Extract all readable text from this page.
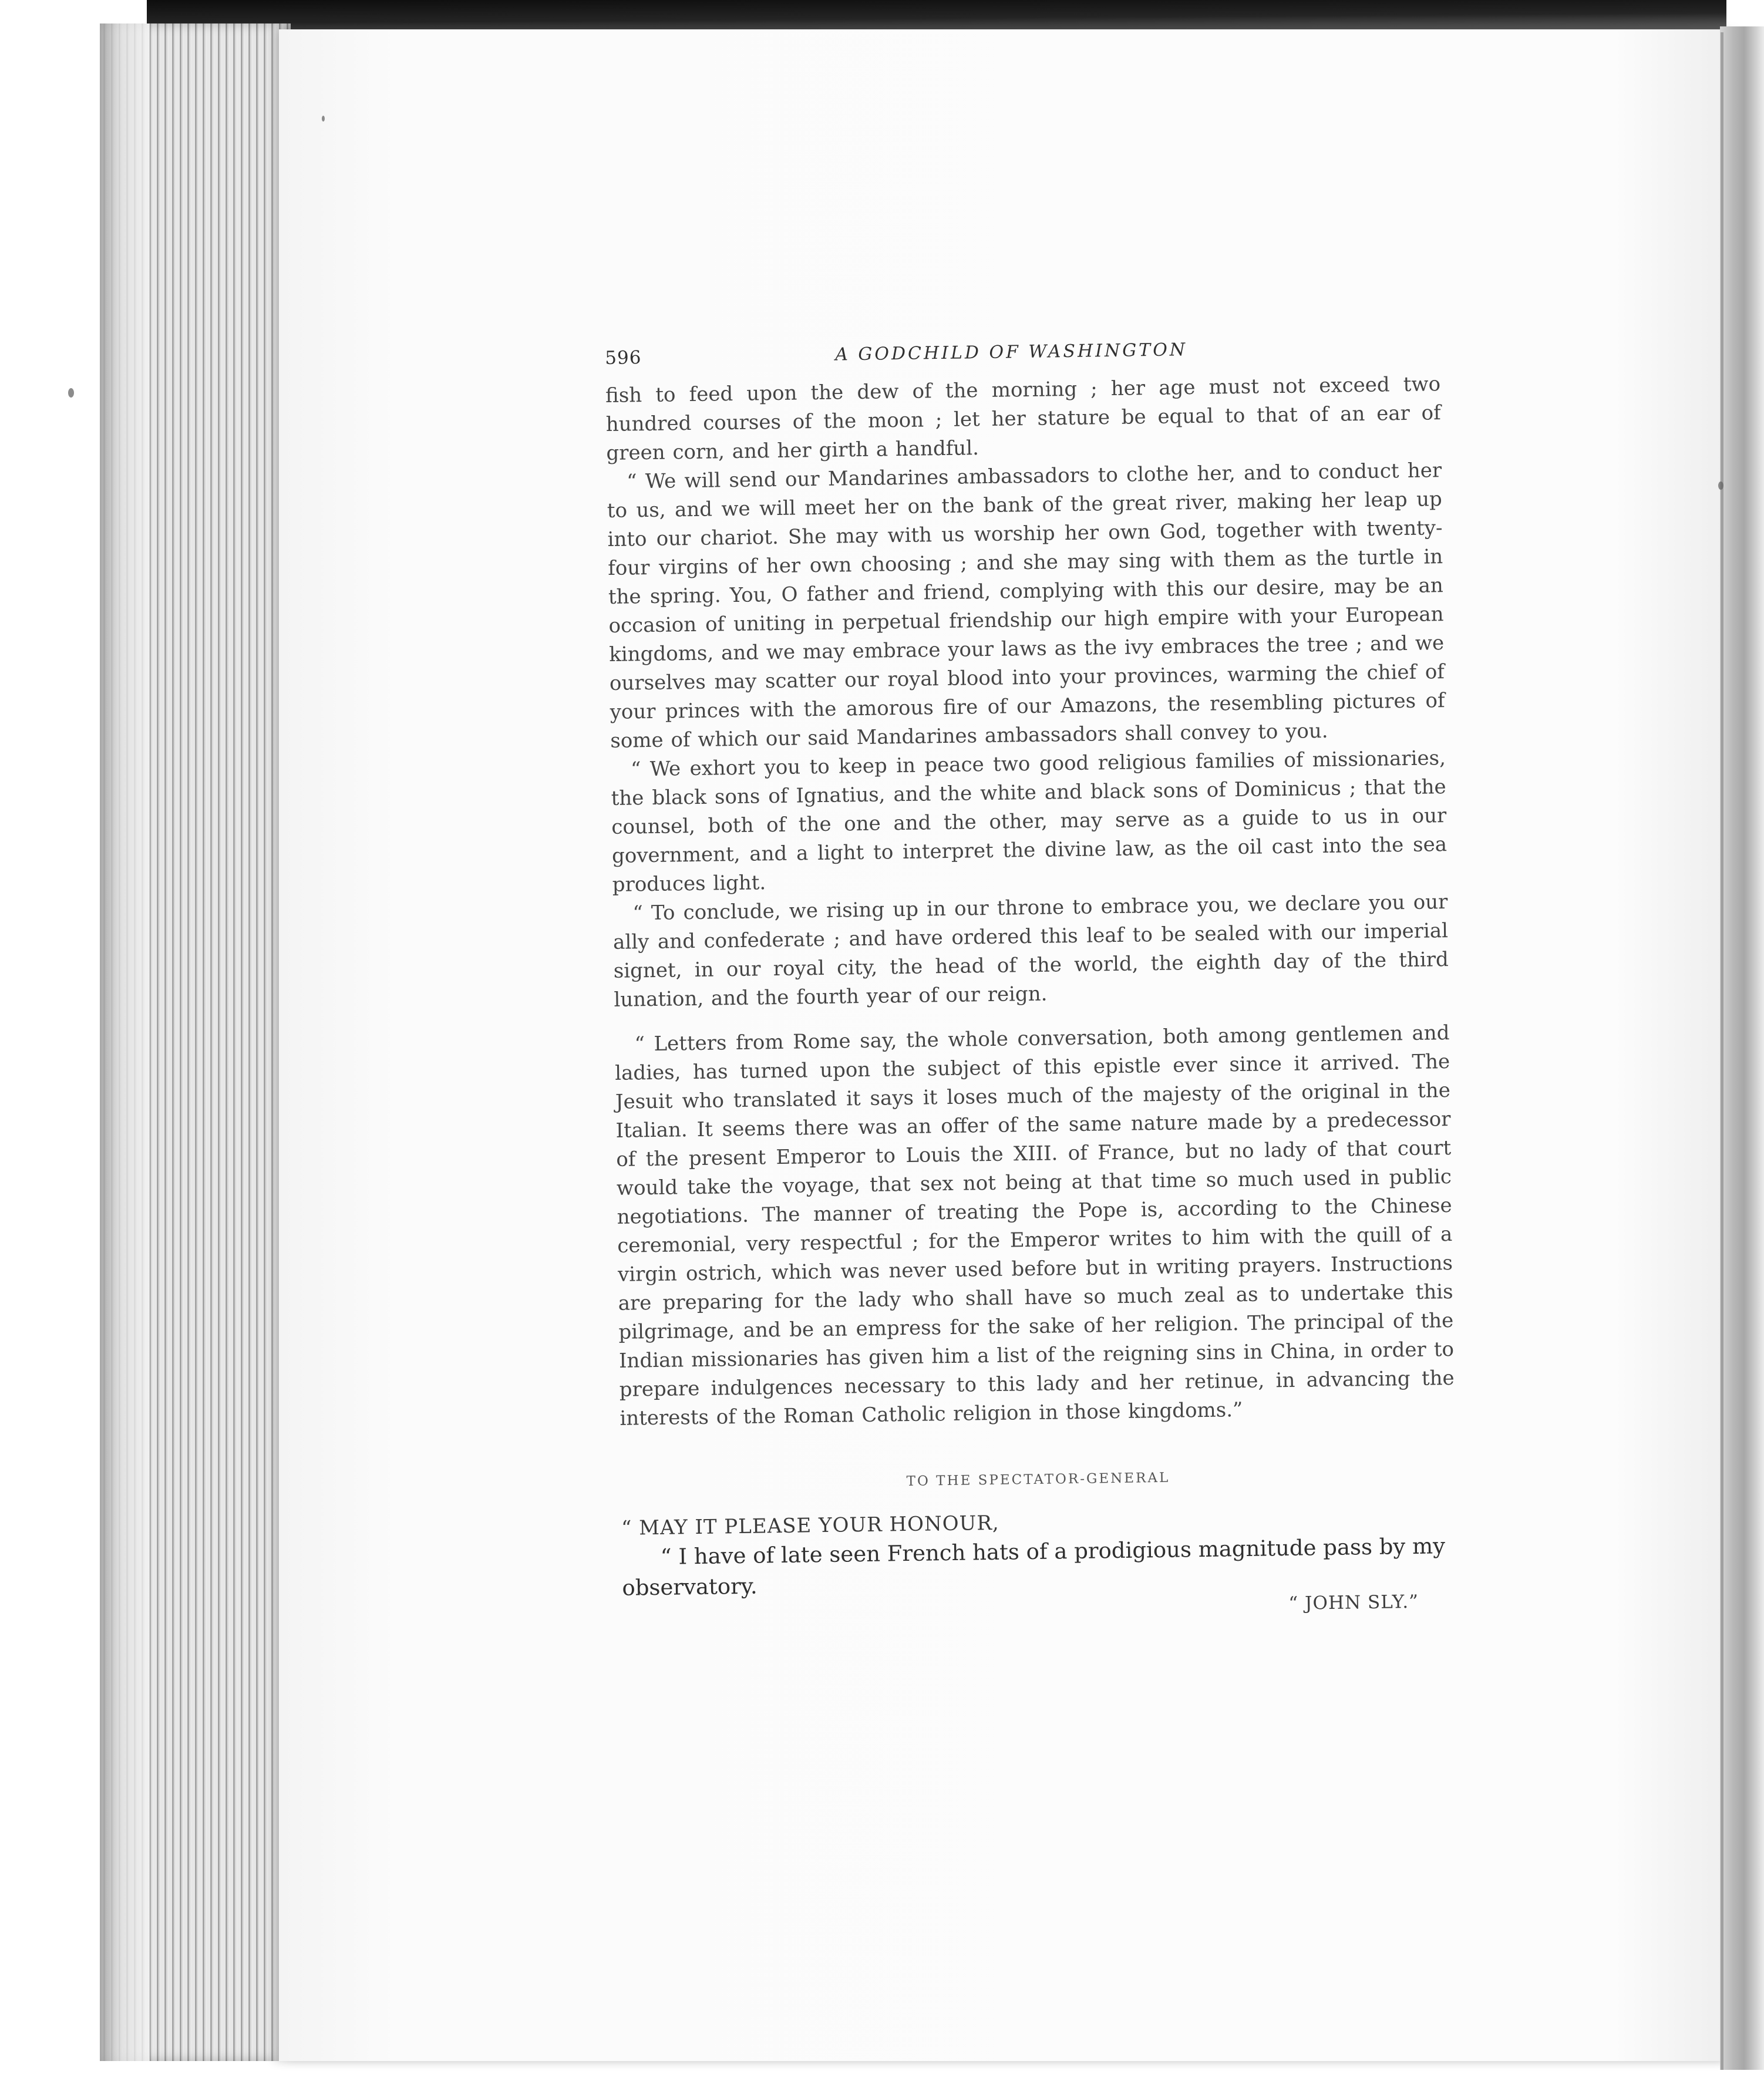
596	A GODCHILD OF WASHINGTON

fish to feed upon the dew of the morning ; her age must not exceed two hundred courses of the moon ; let her stature be equal to that of an ear of green corn, and her girth a handful.

“ We will send our Mandarines ambassadors to clothe her, and to conduct her to us, and we will meet her on the bank of the great river, making her leap up into our chariot. She may with us worship her own God, together with twenty-four virgins of her own choosing ; and she may sing with them as the turtle in the spring. You, O father and friend, complying with this our desire, may be an occasion of uniting in perpetual friendship our high empire with your European kingdoms, and we may embrace your laws as the ivy embraces the tree ; and we ourselves may scatter our royal blood into your provinces, warming the chief of your princes with the amorous fire of our Amazons, the resembling pictures of some of which our said Mandarines ambassadors shall convey to you.

“ We exhort you to keep in peace two good religious families of missionaries, the black sons of Ignatius, and the white and black sons of Dominicus ; that the counsel, both of the one and the other, may serve as a guide to us in our government, and a light to interpret the divine law, as the oil cast into the sea produces light.

“ To conclude, we rising up in our throne to embrace you, we declare you our ally and confederate ; and have ordered this leaf to be sealed with our imperial signet, in our royal city, the head of the world, the eighth day of the third lunation, and the fourth year of our reign.

“ Letters from Rome say, the whole conversation, both among gentlemen and ladies, has turned upon the subject of this epistle ever since it arrived. The Jesuit who translated it says it loses much of the majesty of the original in the Italian. It seems there was an offer of the same nature made by a predecessor of the present Emperor to Louis the XIII. of France, but no lady of that court would take the voyage, that sex not being at that time so much used in public negotiations. The manner of treating the Pope is, according to the Chinese ceremonial, very respectful ; for the Emperor writes to him with the quill of a virgin ostrich, which was never used before but in writing prayers. Instructions are preparing for the lady who shall have so much zeal as to undertake this pilgrimage, and be an empress for the sake of her religion. The principal of the Indian missionaries has given him a list of the reigning sins in China, in order to prepare indulgences necessary to this lady and her retinue, in advancing the interests of the Roman Catholic religion in those kingdoms.”

TO THE SPECTATOR-GENERAL

“ MAY IT PLEASE YOUR HONOUR,

“ I have of late seen French hats of a prodigious magnitude pass by my observatory.

“ JOHN SLY.”
